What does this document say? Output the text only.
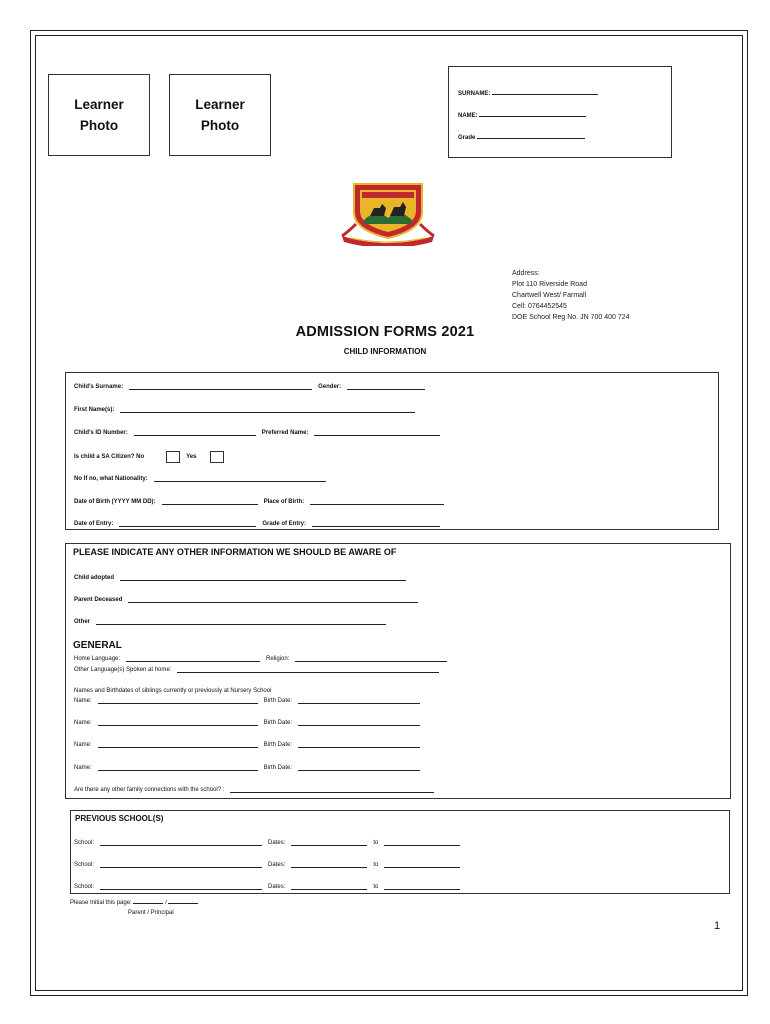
Learner
Photo
Learner
Photo
SURNAME:
NAME:
Grade
Address:
Plot 110 Riverside Road
Chartwell West/ Farmall
Cell: 0764452545
DOE School Reg No. JN 700 400 724
ADMISSION FORMS 2021
CHILD INFORMATION
Child's Surname:	Gender:
First Name(s):
Child's ID Number:	Preferred Name:
Is child a SA Citizen? No	Yes
No If no, what Nationality:
Date of Birth (YYYY MM DD):	Place of Birth:
Date of Entry:	Grade of Entry:
PLEASE INDICATE ANY OTHER INFORMATION WE SHOULD BE AWARE OF
Child adopted
Parent Deceased
Other
GENERAL
Home Language:	Religion:
Other Language(s) Spoken at home:
Names and Birthdates of siblings currently or previously at Nursery School
Name:	Birth Date:
Name:	Birth Date:
Name:	Birth Date:
Name:	Birth Date:
Are there any other family connections with the school? :
PREVIOUS SCHOOL(S)
School:	Dates:	to
School:	Dates:	to
School:	Dates:	to
Please Initial this page:	/
Parent / Principal
1
